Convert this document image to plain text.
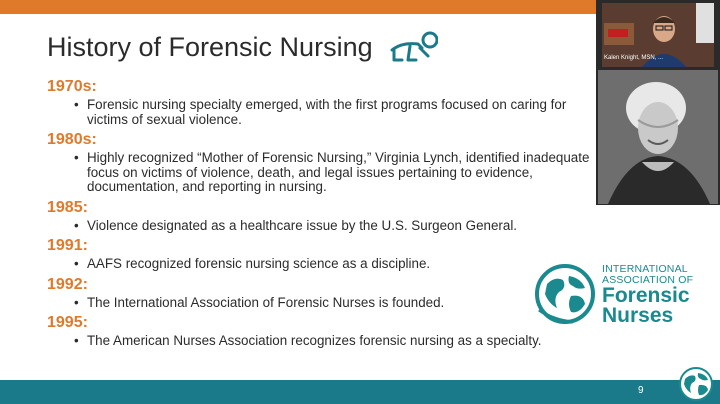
History of Forensic Nursing
1970s:
• Forensic nursing specialty emerged, with the first programs focused on caring for victims of sexual violence.
1980s:
• Highly recognized “Mother of Forensic Nursing,” Virginia Lynch, identified inadequate focus on victims of violence, death, and legal issues pertaining to evidence, documentation, and reporting in nursing.
1985:
• Violence designated as a healthcare issue by the U.S. Surgeon General.
1991:
• AAFS recognized forensic nursing science as a discipline.
1992:
• The International Association of Forensic Nurses is founded.
1995:
• The American Nurses Association recognizes forensic nursing as a specialty.
Kalen Knight, MSN, ...
INTERNATIONAL
ASSOCIATION OF
Forensic
Nurses
9
